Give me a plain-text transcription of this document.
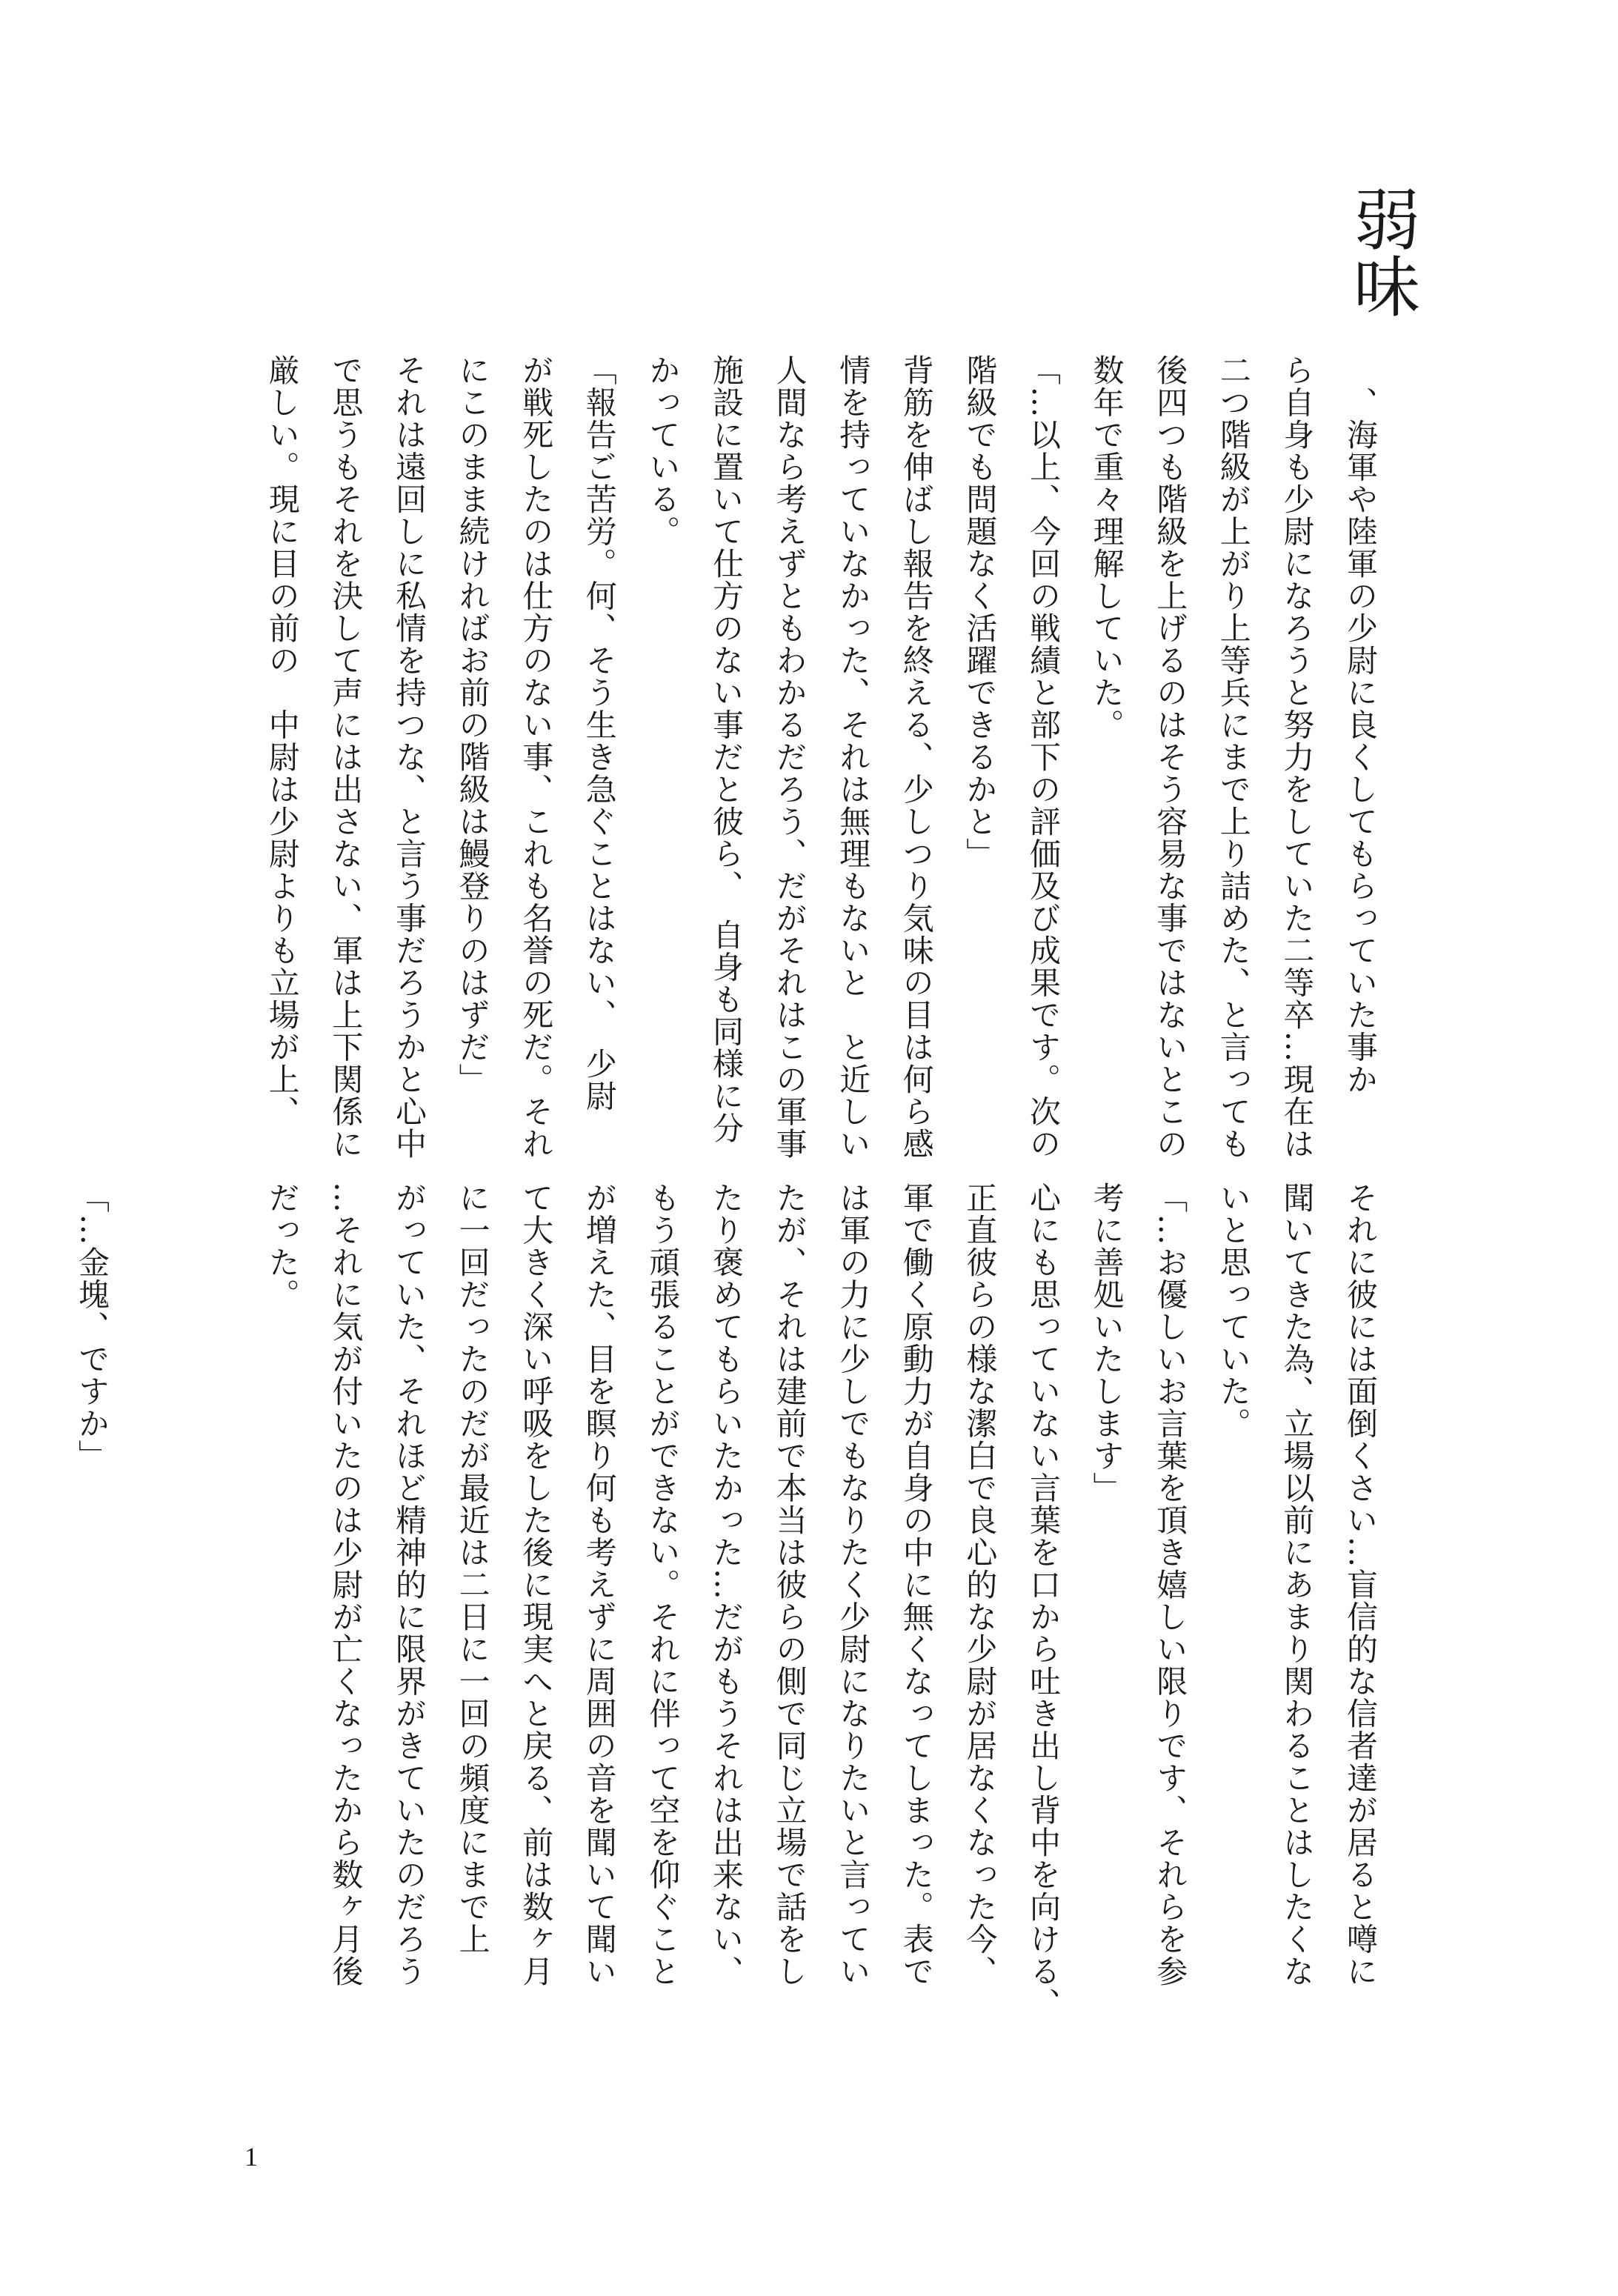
弱味
　、海軍や陸軍の少尉に良くしてもらっていた事か
ら自身も少尉になろうと努力をしていた二等卒…現在は
二つ階級が上がり上等兵にまで上り詰めた、と言っても
後四つも階級を上げるのはそう容易な事ではないとこの
数年で重々理解していた。
「…以上、今回の戦績と部下の評価及び成果です。次の
階級でも問題なく活躍できるかと」
背筋を伸ばし報告を終える、少しつり気味の目は何ら感
情を持っていなかった、それは無理もないと　と近しい
人間なら考えずともわかるだろう、だがそれはこの軍事
施設に置いて仕方のない事だと彼ら、　自身も同様に分
かっている。
「報告ご苦労。何、そう生き急ぐことはない、　少尉
が戦死したのは仕方のない事、これも名誉の死だ。それ
にこのまま続ければお前の階級は鰻登りのはずだ」
それは遠回しに私情を持つな、と言う事だろうかと心中
で思うもそれを決して声には出さない、軍は上下関係に
厳しい。現に目の前の　中尉は少尉よりも立場が上、
それに彼には面倒くさい…盲信的な信者達が居ると噂に
聞いてきた為、立場以前にあまり関わることはしたくな
いと思っていた。
「…お優しいお言葉を頂き嬉しい限りです、それらを参
考に善処いたします」
心にも思っていない言葉を口から吐き出し背中を向ける、
正直彼らの様な潔白で良心的な少尉が居なくなった今、
軍で働く原動力が自身の中に無くなってしまった。表で
は軍の力に少しでもなりたく少尉になりたいと言ってい
たが、それは建前で本当は彼らの側で同じ立場で話をし
たり褒めてもらいたかった…だがもうそれは出来ない、
もう頑張ることができない。それに伴って空を仰ぐこと
が増えた、目を瞑り何も考えずに周囲の音を聞いて聞い
て大きく深い呼吸をした後に現実へと戻る、前は数ヶ月
に一回だったのだが最近は二日に一回の頻度にまで上
がっていた、それほど精神的に限界がきていたのだろう
…それに気が付いたのは少尉が亡くなったから数ヶ月後
だった。
「…金塊、ですか」
1
